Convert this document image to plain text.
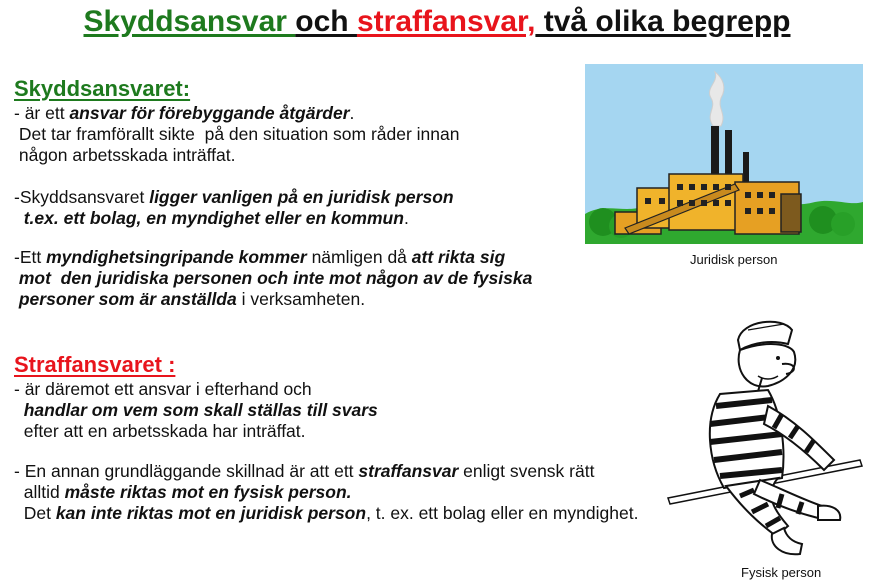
Skyddsansvar och straffansvar, två olika begrepp
Skyddsansvaret:
- är ett ansvar för förebyggande åtgärder.
Det tar framförallt sikte  på den situation som råder innan
någon arbetsskada inträffat.
-Skyddsansvaret ligger vanligen på en juridisk person
t.ex. ett bolag, en myndighet eller en kommun.
-Ett myndighetsingripande kommer nämligen då att rikta sig
mot  den juridiska personen och inte mot någon av de fysiska
personer som är anställda i verksamheten.
Straffansvaret :
- är däremot ett ansvar i efterhand och
handlar om vem som skall ställas till svars
efter att en arbetsskada har inträffat.
- En annan grundläggande skillnad är att ett straffansvar enligt svensk rätt
alltid måste riktas mot en fysisk person.
Det kan inte riktas mot en juridisk person, t. ex. ett bolag eller en myndighet.
Juridisk person
Fysisk person
